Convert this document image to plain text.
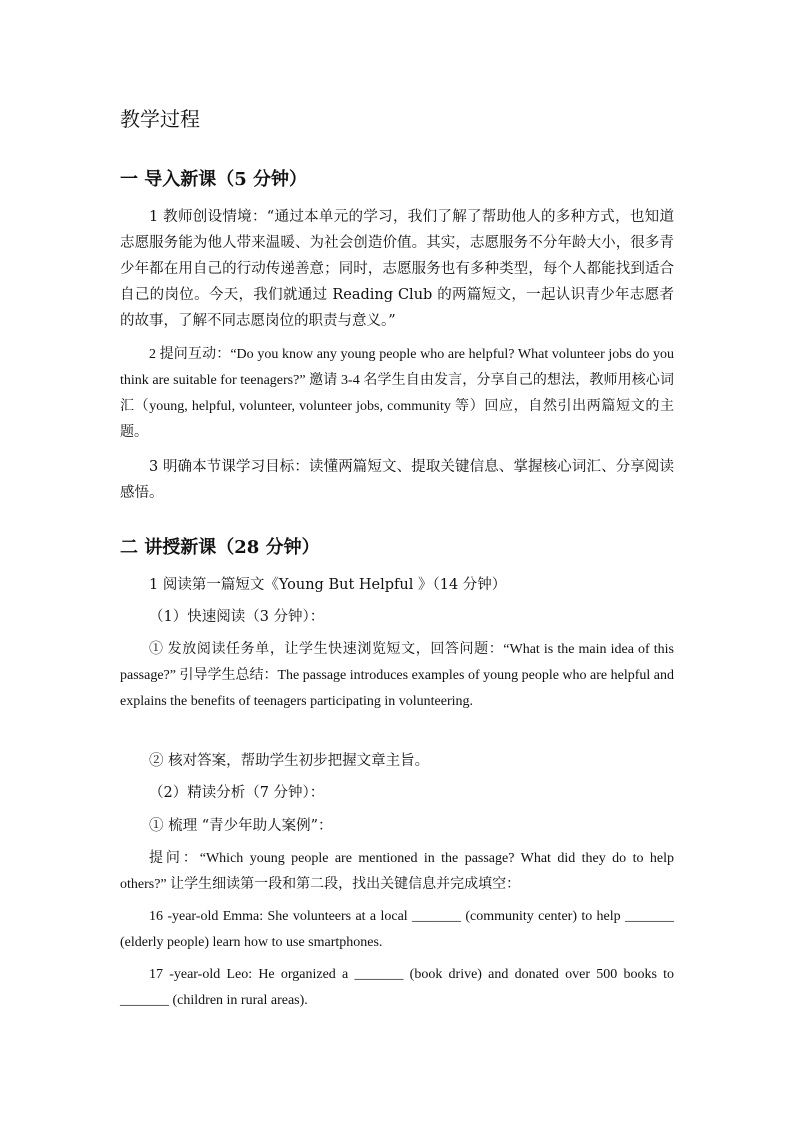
教学过程
一 导入新课（5 分钟）
1 教师创设情境：“通过本单元的学习，我们了解了帮助他人的多种方式，也知道志愿服务能为他人带来温暖、为社会创造价值。其实，志愿服务不分年龄大小，很多青少年都在用自己的行动传递善意；同时，志愿服务也有多种类型，每个人都能找到适合自己的岗位。今天，我们就通过 Reading Club 的两篇短文，一起认识青少年志愿者的故事，了解不同志愿岗位的职责与意义。”
2 提问互动：“Do you know any young people who are helpful? What volunteer jobs do you think are suitable for teenagers?” 邀请 3-4 名学生自由发言，分享自己的想法，教师用核心词汇（young, helpful, volunteer, volunteer jobs, community 等）回应，自然引出两篇短文的主题。
3 明确本节课学习目标：读懂两篇短文、提取关键信息、掌握核心词汇、分享阅读感悟。
二 讲授新课（28 分钟）
1 阅读第一篇短文《Young But Helpful 》（14 分钟）
（1）快速阅读（3 分钟）：
① 发放阅读任务单，让学生快速浏览短文，回答问题：“What is the main idea of this passage?” 引导学生总结：The passage introduces examples of young people who are helpful and explains the benefits of teenagers participating in volunteering.
② 核对答案，帮助学生初步把握文章主旨。
（2）精读分析（7 分钟）：
① 梳理 “青少年助人案例”：
提问：“Which young people are mentioned in the passage? What did they do to help others?” 让学生细读第一段和第二段，找出关键信息并完成填空：
16 -year-old Emma: She volunteers at a local _______ (community center) to help _______ (elderly people) learn how to use smartphones.
17 -year-old Leo: He organized a _______ (book drive) and donated over 500 books to _______ (children in rural areas).
